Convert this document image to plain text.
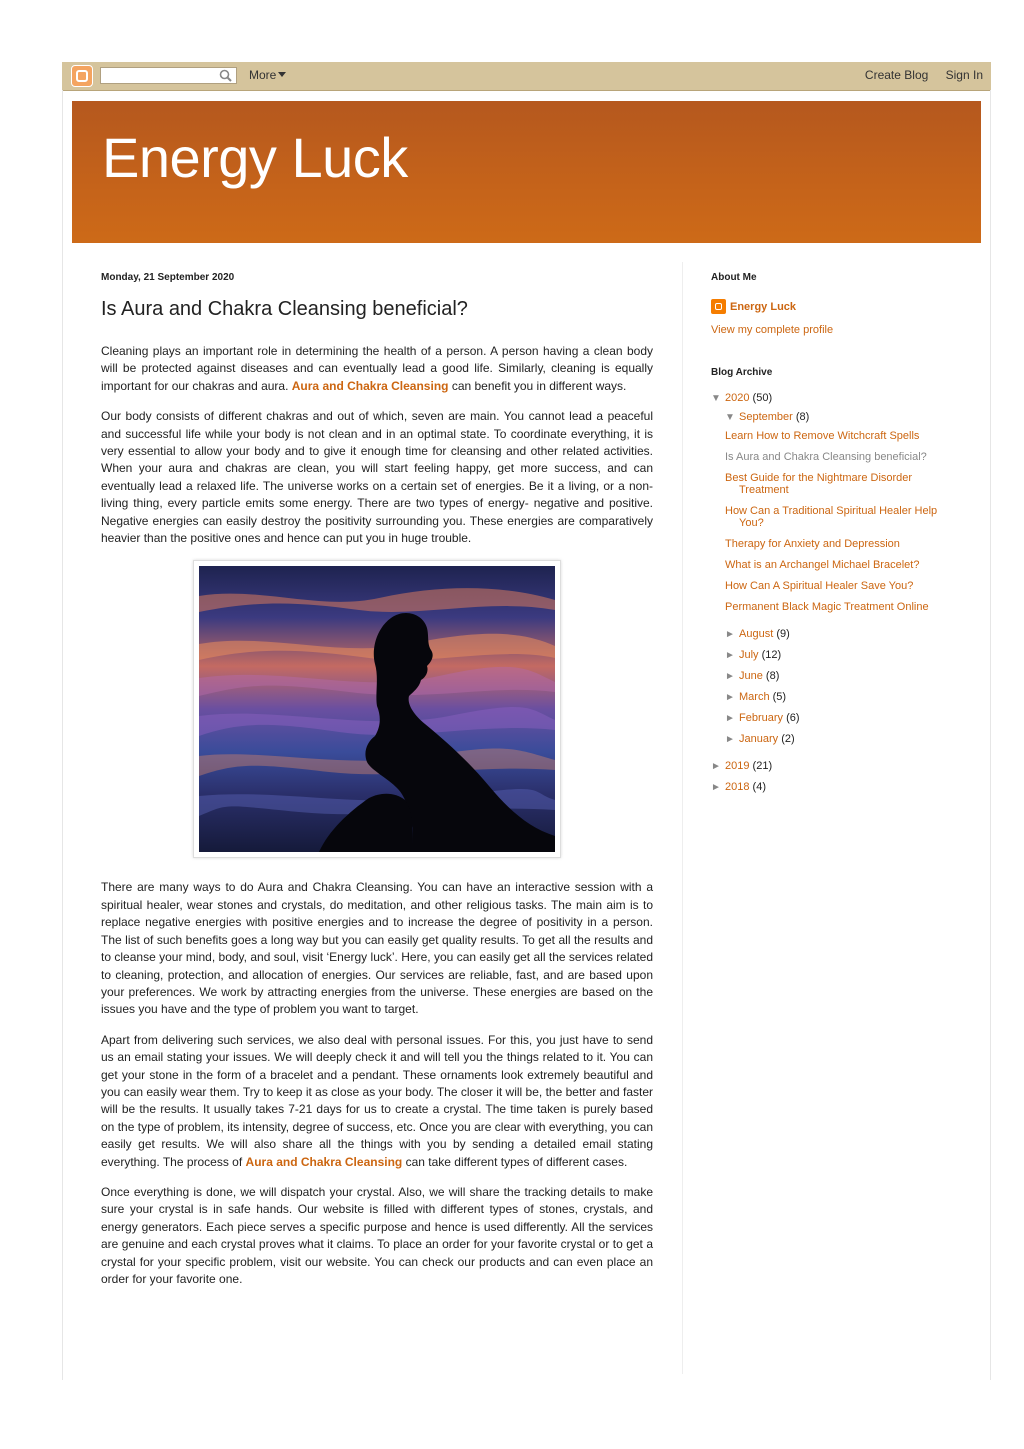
More	Create Blog Sign In
Energy Luck
Monday, 21 September 2020
Is Aura and Chakra Cleansing beneficial?

Cleaning plays an important role in determining the health of a person. A person having a clean body will be protected against diseases and can eventually lead a good life. Similarly, cleaning is equally important for our chakras and aura. Aura and Chakra Cleansing can benefit you in different ways.

Our body consists of different chakras and out of which, seven are main. You cannot lead a peaceful and successful life while your body is not clean and in an optimal state. To coordinate everything, it is very essential to allow your body and to give it enough time for cleansing and other related activities. When your aura and chakras are clean, you will start feeling happy, get more success, and can eventually lead a relaxed life. The universe works on a certain set of energies. Be it a living, or a non-living thing, every particle emits some energy. There are two types of energy- negative and positive. Negative energies can easily destroy the positivity surrounding you. These energies are comparatively heavier than the positive ones and hence can put you in huge trouble.

There are many ways to do Aura and Chakra Cleansing. You can have an interactive session with a spiritual healer, wear stones and crystals, do meditation, and other religious tasks. The main aim is to replace negative energies with positive energies and to increase the degree of positivity in a person. The list of such benefits goes a long way but you can easily get quality results. To get all the results and to cleanse your mind, body, and soul, visit ‘Energy luck’. Here, you can easily get all the services related to cleaning, protection, and allocation of energies. Our services are reliable, fast, and are based upon your preferences. We work by attracting energies from the universe. These energies are based on the issues you have and the type of problem you want to target.

Apart from delivering such services, we also deal with personal issues. For this, you just have to send us an email stating your issues. We will deeply check it and will tell you the things related to it. You can get your stone in the form of a bracelet and a pendant. These ornaments look extremely beautiful and you can easily wear them. Try to keep it as close as your body. The closer it will be, the better and faster will be the results. It usually takes 7-21 days for us to create a crystal. The time taken is purely based on the type of problem, its intensity, degree of success, etc. Once you are clear with everything, you can easily get results. We will also share all the things with you by sending a detailed email stating everything. The process of Aura and Chakra Cleansing can take different types of different cases.

Once everything is done, we will dispatch your crystal. Also, we will share the tracking details to make sure your crystal is in safe hands. Our website is filled with different types of stones, crystals, and energy generators. Each piece serves a specific purpose and hence is used differently. All the services are genuine and each crystal proves what it claims. To place an order for your favorite crystal or to get a crystal for your specific problem, visit our website. You can check our products and can even place an order for your favorite one.

About Me
Energy Luck
View my complete profile
Blog Archive
▼ 2020 (50)
▼ September (8)
Learn How to Remove Witchcraft Spells
Is Aura and Chakra Cleansing beneficial?
Best Guide for the Nightmare Disorder Treatment
How Can a Traditional Spiritual Healer Help You?
Therapy for Anxiety and Depression
What is an Archangel Michael Bracelet?
How Can A Spiritual Healer Save You?
Permanent Black Magic Treatment Online
► August (9)
► July (12)
► June (8)
► March (5)
► February (6)
► January (2)
► 2019 (21)
► 2018 (4)
